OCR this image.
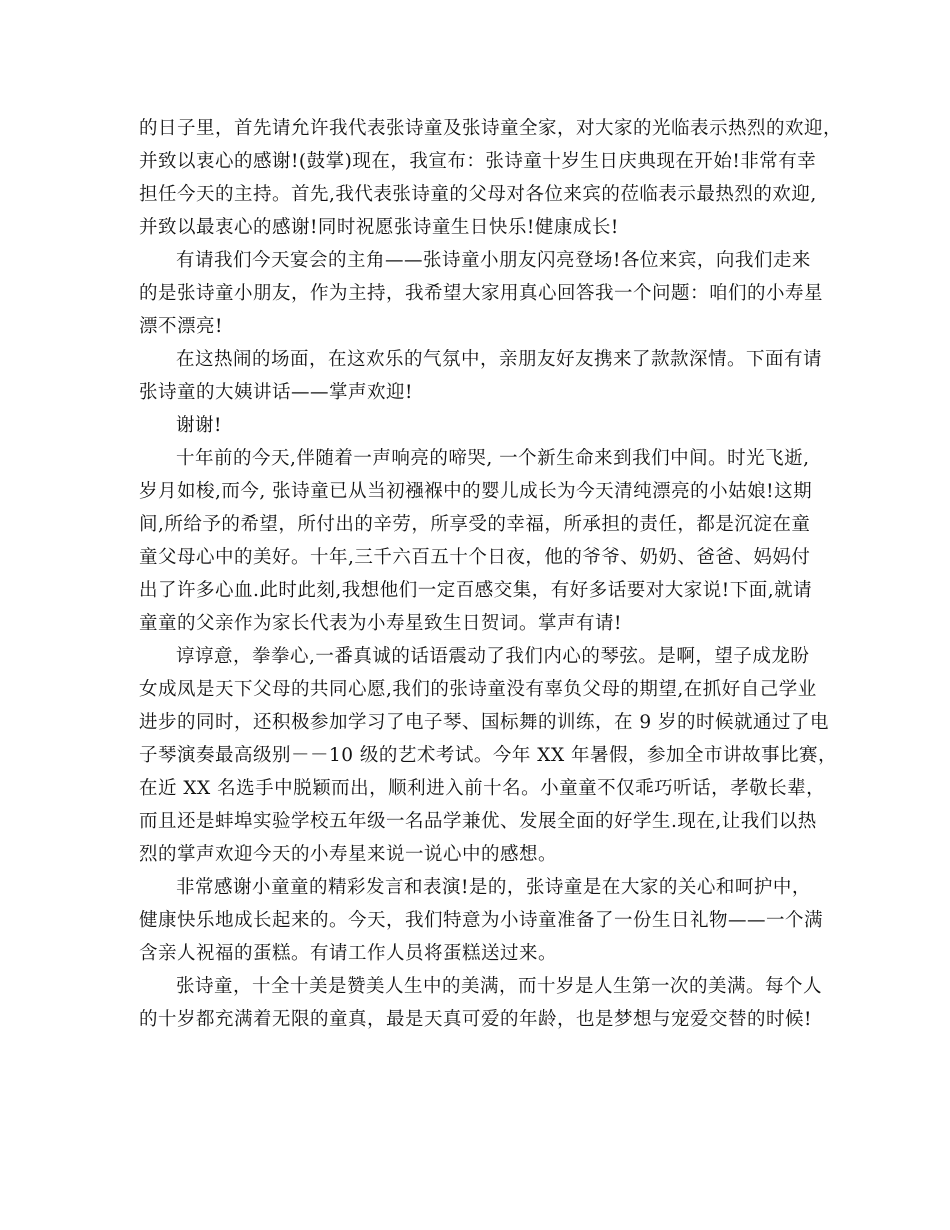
的日子里，首先请允许我代表张诗童及张诗童全家，对大家的光临表示热烈的欢迎，
并致以衷心的感谢!(鼓掌)现在，我宣布：张诗童十岁生日庆典现在开始!非常有幸
担任今天的主持。首先,我代表张诗童的父母对各位来宾的莅临表示最热烈的欢迎,
并致以最衷心的感谢!同时祝愿张诗童生日快乐!健康成长!
有请我们今天宴会的主角——张诗童小朋友闪亮登场!各位来宾，向我们走来
的是张诗童小朋友，作为主持，我希望大家用真心回答我一个问题：咱们的小寿星
漂不漂亮!
在这热闹的场面，在这欢乐的气氛中，亲朋友好友携来了款款深情。下面有请
张诗童的大姨讲话——掌声欢迎!
谢谢!
十年前的今天,伴随着一声响亮的啼哭, 一个新生命来到我们中间。时光飞逝,
岁月如梭,而今, 张诗童已从当初襁褓中的婴儿成长为今天清纯漂亮的小姑娘!这期
间,所给予的希望，所付出的辛劳，所享受的幸福，所承担的责任，都是沉淀在童
童父母心中的美好。十年,三千六百五十个日夜，他的爷爷、奶奶、爸爸、妈妈付
出了许多心血.此时此刻,我想他们一定百感交集，有好多话要对大家说!下面,就请
童童的父亲作为家长代表为小寿星致生日贺词。掌声有请!
谆谆意，拳拳心,一番真诚的话语震动了我们内心的琴弦。是啊，望子成龙盼
女成凤是天下父母的共同心愿,我们的张诗童没有辜负父母的期望,在抓好自己学业
进步的同时，还积极参加学习了电子琴、国标舞的训练，在 9 岁的时候就通过了电
子琴演奏最高级别－－10 级的艺术考试。今年 XX 年暑假，参加全市讲故事比赛，
在近 XX 名选手中脱颖而出，顺利进入前十名。小童童不仅乖巧听话，孝敬长辈，
而且还是蚌埠实验学校五年级一名品学兼优、发展全面的好学生.现在,让我们以热
烈的掌声欢迎今天的小寿星来说一说心中的感想。
非常感谢小童童的精彩发言和表演!是的，张诗童是在大家的关心和呵护中，
健康快乐地成长起来的。今天，我们特意为小诗童准备了一份生日礼物——一个满
含亲人祝福的蛋糕。有请工作人员将蛋糕送过来。
张诗童，十全十美是赞美人生中的美满，而十岁是人生第一次的美满。每个人
的十岁都充满着无限的童真，最是天真可爱的年龄，也是梦想与宠爱交替的时候!
